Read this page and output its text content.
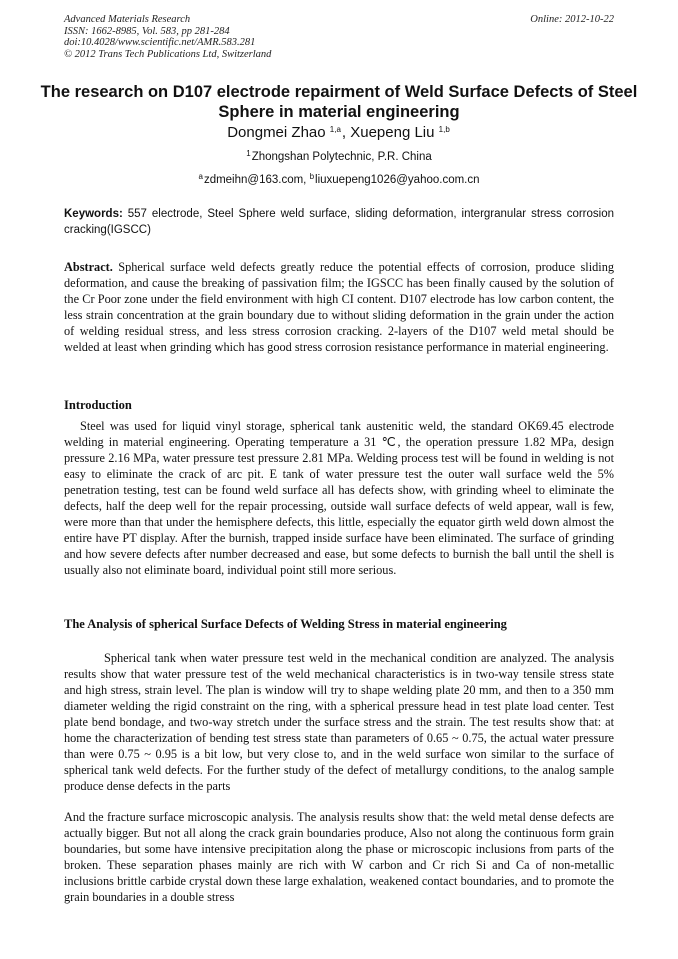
Advanced Materials Research
ISSN: 1662-8985, Vol. 583, pp 281-284
doi:10.4028/www.scientific.net/AMR.583.281
© 2012 Trans Tech Publications Ltd, Switzerland
Online: 2012-10-22
The research on D107 electrode repairment of Weld Surface Defects of Steel Sphere in material engineering
Dongmei Zhao $^{1,a}$, Xuepeng Liu $^{1,b}$
$^1$Zhongshan Polytechnic, P.R. China
$^a$zdmeihn@163.com, $^b$liuxuepeng1026@yahoo.com.cn
Keywords: 557 electrode, Steel Sphere weld surface, sliding deformation, intergranular stress corrosion cracking(IGSCC)

Abstract. Spherical surface weld defects greatly reduce the potential effects of corrosion, produce sliding deformation, and cause the breaking of passivation film; the IGSCC has been finally caused by the solution of the Cr Poor zone under the field environment with high CI content. D107 electrode has low carbon content, the less strain concentration at the grain boundary due to without sliding deformation in the grain under the action of welding residual stress, and less stress corrosion cracking. 2-layers of the D107 weld metal should be welded at least when grinding which has good stress corrosion resistance performance in material engineering.

Introduction

Steel was used for liquid vinyl storage, spherical tank austenitic weld, the standard OK69.45 electrode welding in material engineering. Operating temperature a 31 ℃, the operation pressure 1.82 MPa, design pressure 2.16 MPa, water pressure test pressure 2.81 MPa. Welding process test will be found in welding is not easy to eliminate the crack of arc pit. E tank of water pressure test the outer wall surface weld the 5% penetration testing, test can be found weld surface all has defects show, with grinding wheel to eliminate the defects, half the deep well for the repair processing, outside wall surface defects of weld appear, wall is few, were more than that under the hemisphere defects, this little, especially the equator girth weld down almost the entire have PT display. After the burnish, trapped inside surface have been eliminated. The surface of grinding and how severe defects after number decreased and ease, but some defects to burnish the ball until the shell is usually also not eliminate board, individual point still more serious.

The Analysis of spherical Surface Defects of Welding Stress in material engineering

Spherical tank when water pressure test weld in the mechanical condition are analyzed. The analysis results show that water pressure test of the weld mechanical characteristics is in two-way tensile stress state and high stress, strain level. The plan is window will try to shape welding plate 20 mm, and then to a 350 mm diameter welding the rigid constraint on the ring, with a spherical pressure head in test plate load center. Test plate bend bondage, and two-way stretch under the surface stress and the strain. The test results show that: at home the characterization of bending test stress state than parameters of 0.65 ~ 0.75, the actual water pressure than were 0.75 ~ 0.95 is a bit low, but very close to, and in the weld surface won similar to the surface of spherical tank weld defects. For the further study of the defect of metallurgy conditions, to the analog sample produce dense defects in the parts

And the fracture surface microscopic analysis. The analysis results show that: the weld metal dense defects are actually bigger. But not all along the crack grain boundaries produce, Also not along the continuous form grain boundaries, but some have intensive precipitation along the phase or microscopic inclusions from parts of the broken. These separation phases mainly are rich with W carbon and Cr rich Si and Ca of non-metallic inclusions brittle carbide crystal down these large exhalation, weakened contact boundaries, and to promote the grain boundaries in a double stress
